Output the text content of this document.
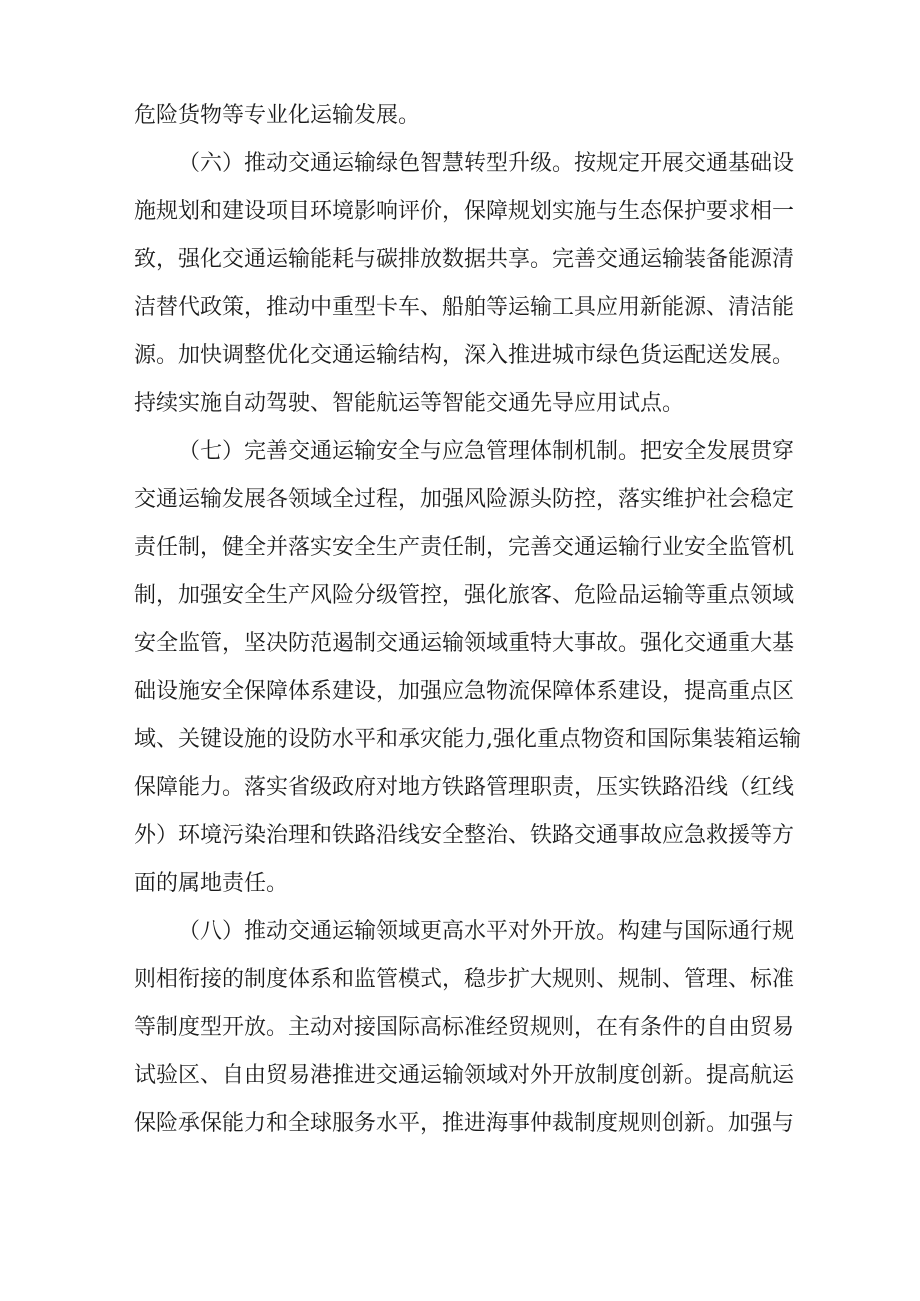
危险货物等专业化运输发展。
（六）推动交通运输绿色智慧转型升级。按规定开展交通基础设
施规划和建设项目环境影响评价，保障规划实施与生态保护要求相一
致，强化交通运输能耗与碳排放数据共享。完善交通运输装备能源清
洁替代政策，推动中重型卡车、船舶等运输工具应用新能源、清洁能
源。加快调整优化交通运输结构，深入推进城市绿色货运配送发展。
持续实施自动驾驶、智能航运等智能交通先导应用试点。
（七）完善交通运输安全与应急管理体制机制。把安全发展贯穿
交通运输发展各领域全过程，加强风险源头防控，落实维护社会稳定
责任制，健全并落实安全生产责任制，完善交通运输行业安全监管机
制，加强安全生产风险分级管控，强化旅客、危险品运输等重点领域
安全监管，坚决防范遏制交通运输领域重特大事故。强化交通重大基
础设施安全保障体系建设，加强应急物流保障体系建设，提高重点区
域、关键设施的设防水平和承灾能力,强化重点物资和国际集装箱运输
保障能力。落实省级政府对地方铁路管理职责，压实铁路沿线（红线
外）环境污染治理和铁路沿线安全整治、铁路交通事故应急救援等方
面的属地责任。
（八）推动交通运输领域更高水平对外开放。构建与国际通行规
则相衔接的制度体系和监管模式，稳步扩大规则、规制、管理、标准
等制度型开放。主动对接国际高标准经贸规则，在有条件的自由贸易
试验区、自由贸易港推进交通运输领域对外开放制度创新。提高航运
保险承保能力和全球服务水平，推进海事仲裁制度规则创新。加强与
